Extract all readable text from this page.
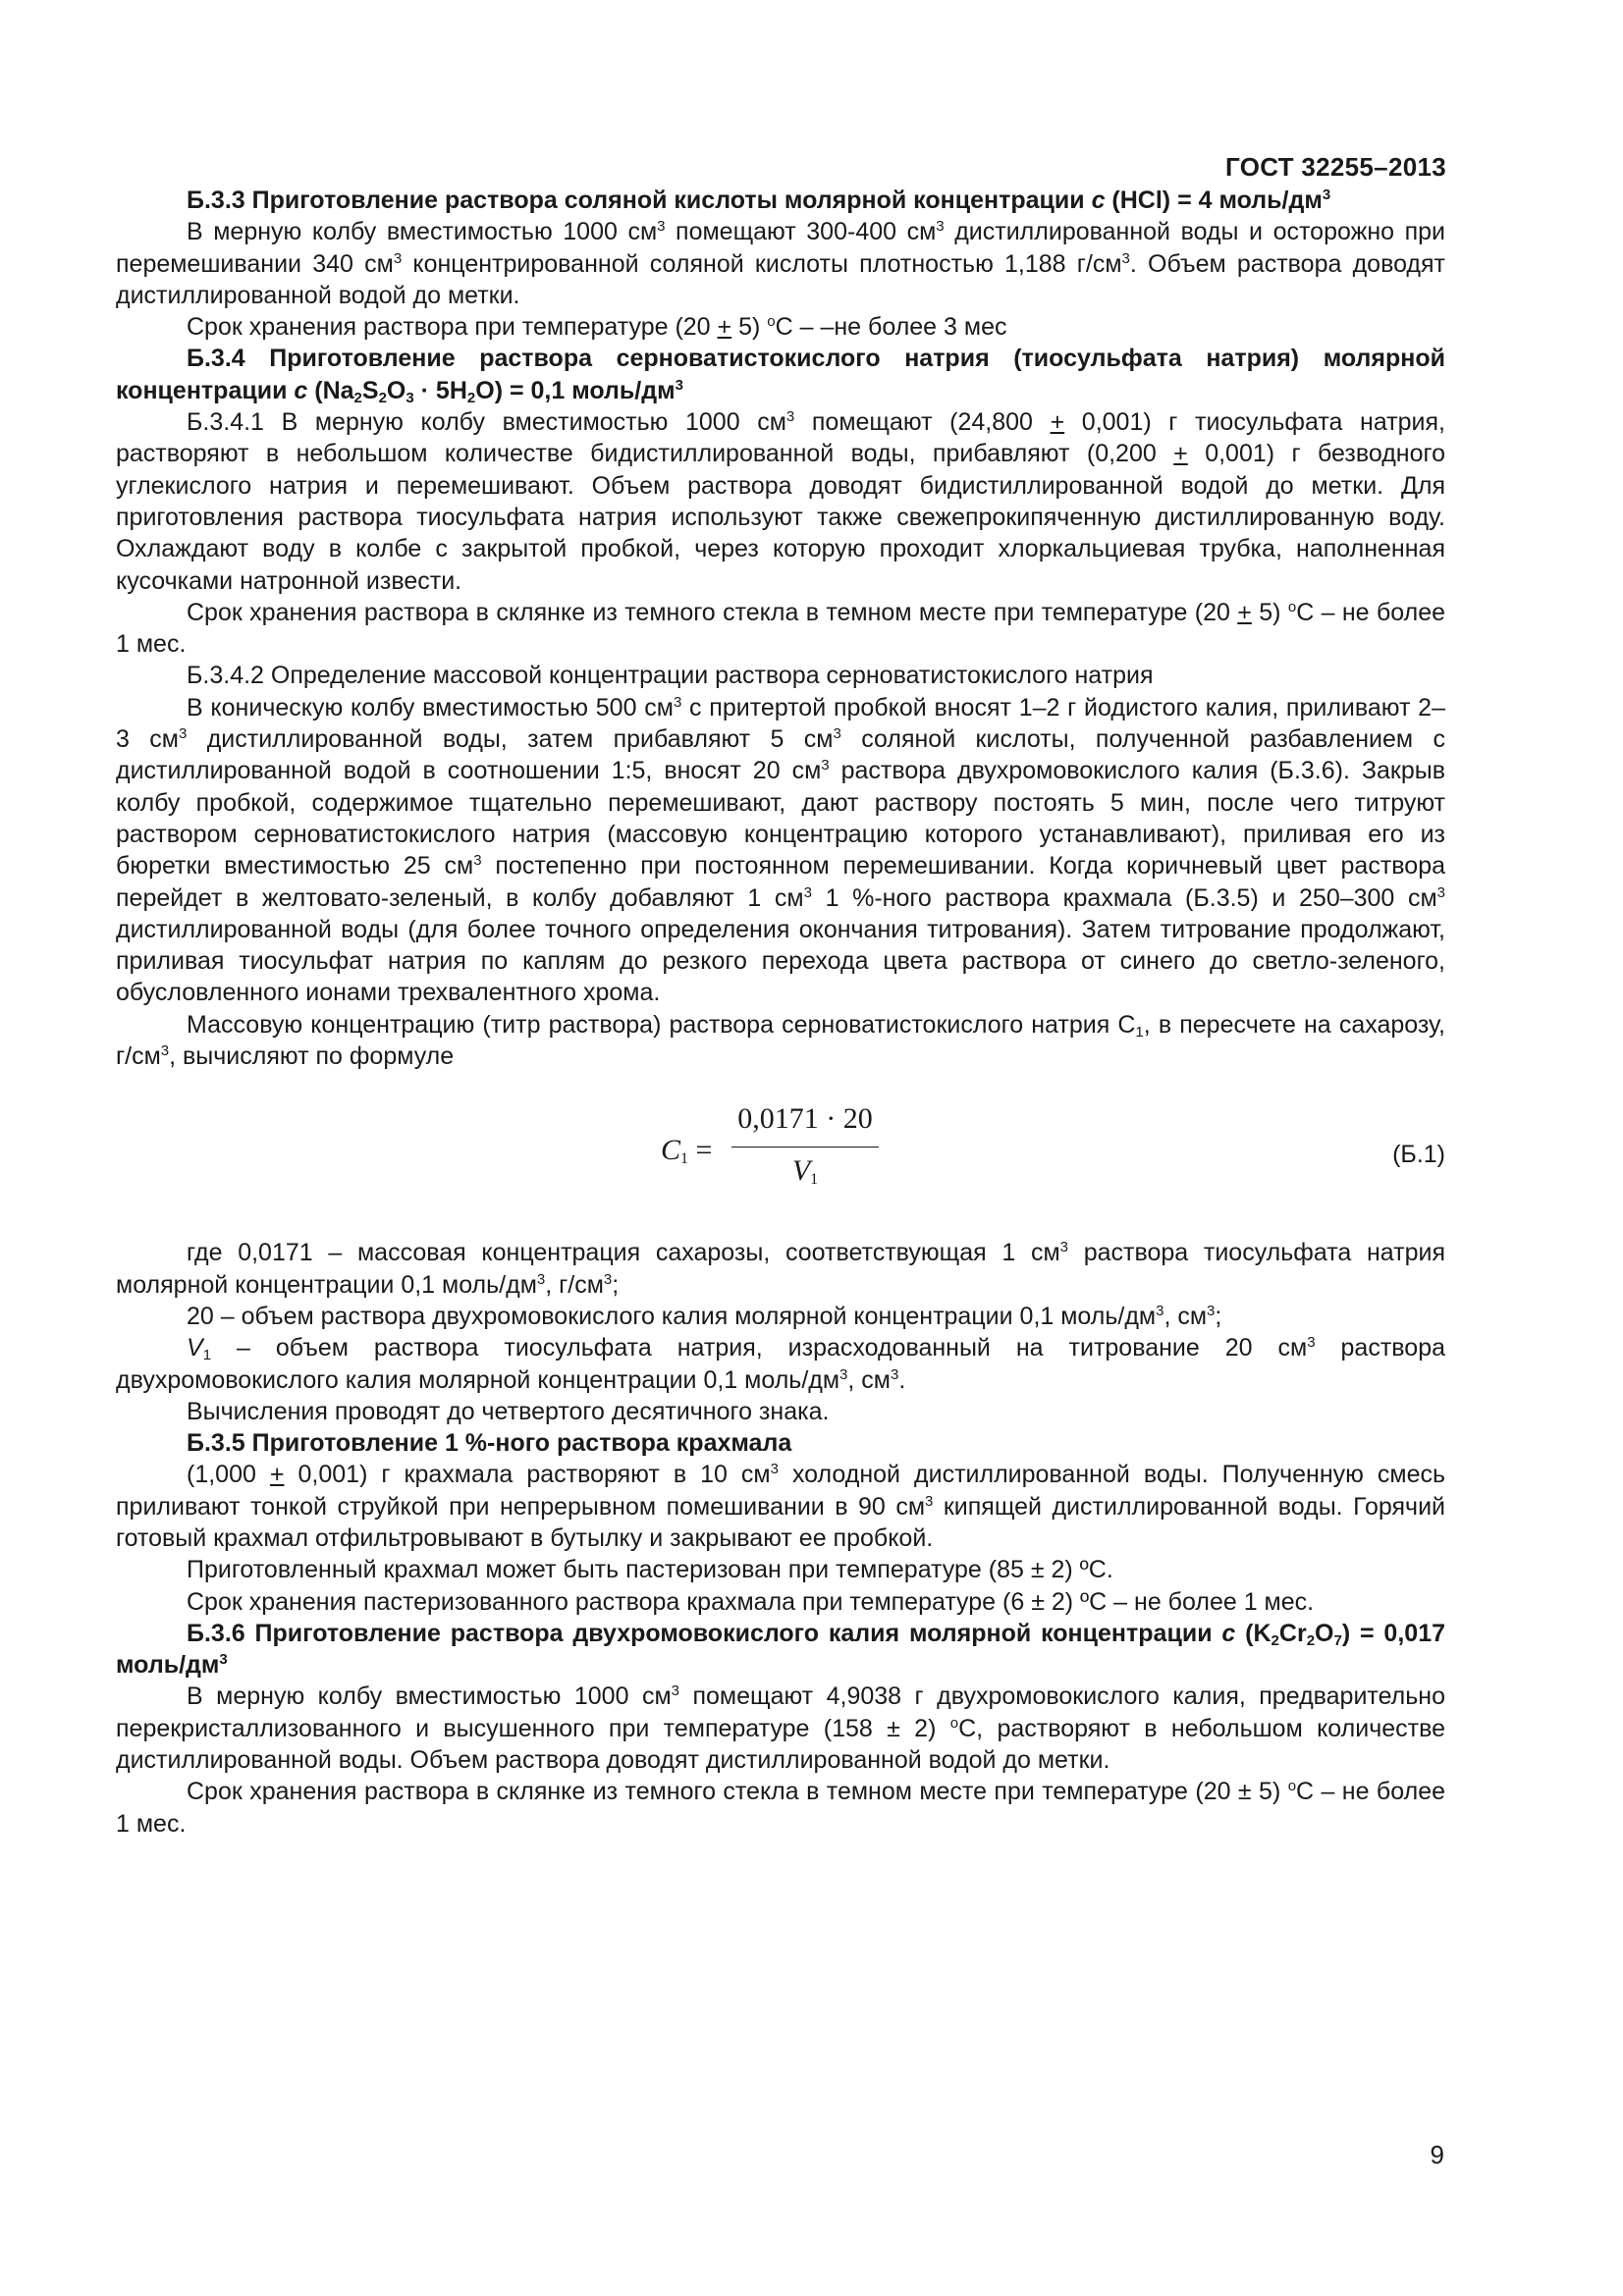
ГОСТ 32255–2013

Б.3.3 Приготовление раствора соляной кислоты молярной концентрации с (HCl) = 4 моль/$дм^3$

В мерную колбу вместимостью 1000 $см^3$ помещают 300-400 $см^3$ дистиллированной воды и осторожно при перемешивании 340 $см^3$ концентрированной соляной кислоты плотностью 1,188 $г/см^3$. Объем раствора доводят дистиллированной водой до метки.

Срок хранения раствора при температуре (20 + 5) $^о$С – –не более 3 мес

Б.3.4 Приготовление раствора серноватистокислого натрия (тиосульфата натрия) молярной концентрации с $(Na_2S_2O_3 \cdot 5H_2O) = 0,1$ моль/$дм^3$

Б.3.4.1 В мерную колбу вместимостью 1000 $см^3$ помещают (24,800 + 0,001) г тиосульфата натрия, растворяют в небольшом количестве бидистиллированной воды, прибавляют (0,200 + 0,001) г безводного углекислого натрия и перемешивают. Объем раствора доводят бидистиллированной водой до метки. Для приготовления раствора тиосульфата натрия используют также свежепрокипяченную дистиллированную воду. Охлаждают воду в колбе с закрытой пробкой, через которую проходит хлоркальциевая трубка, наполненная кусочками натронной извести.

Срок хранения раствора в склянке из темного стекла в темном месте при температуре (20 + 5) $^о$С – не более 1 мес.

Б.3.4.2 Определение массовой концентрации раствора серноватистокислого натрия

В коническую колбу вместимостью 500 $см^3$ с притертой пробкой вносят 1–2 г йодистого калия, приливают 2–3 $см^3$ дистиллированной воды, затем прибавляют 5 $см^3$ соляной кислоты, полученной разбавлением с дистиллированной водой в соотношении 1:5, вносят 20 $см^3$ раствора двухромовокислого калия (Б.3.6). Закрыв колбу пробкой, содержимое тщательно перемешивают, дают раствору постоять 5 мин, после чего титруют раствором серноватистокислого натрия (массовую концентрацию которого устанавливают), приливая его из бюретки вместимостью 25 $см^3$ постепенно при постоянном перемешивании. Когда коричневый цвет раствора перейдет в желтовато-зеленый, в колбу добавляют 1 $см^3$ 1 %-ного раствора крахмала (Б.3.5) и 250–300 $см^3$ дистиллированной воды (для более точного определения окончания титрования). Затем титрование продолжают, приливая тиосульфат натрия по каплям до резкого перехода цвета раствора от синего до светло-зеленого, обусловленного ионами трехвалентного хрома.

Массовую концентрацию (титр раствора) раствора серноватистокислого натрия $С_1$, в пересчете на сахарозу, $г/см^3$, вычисляют по формуле

$C_1$ =
0,0171 · 20
$V_1$
(Б.1)

где 0,0171 – массовая концентрация сахарозы, соответствующая 1 $см^3$ раствора тиосульфата натрия молярной концентрации 0,1 моль/$дм^3$, $г/см^3$;

20 – объем раствора двухромовокислого калия молярной концентрации 0,1 моль/$дм^3$, $см^3$;

$V_1$ – объем раствора тиосульфата натрия, израсходованный на титрование 20 $см^3$ раствора двухромовокислого калия молярной концентрации 0,1 моль/$дм^3$, $см^3$.

Вычисления проводят до четвертого десятичного знака.

Б.3.5 Приготовление 1 %-ного раствора крахмала

(1,000 + 0,001) г крахмала растворяют в 10 $см^3$ холодной дистиллированной воды. Полученную смесь приливают тонкой струйкой при непрерывном помешивании в 90 $см^3$ кипящей дистиллированной воды. Горячий готовый крахмал отфильтровывают в бутылку и закрывают ее пробкой.

Приготовленный крахмал может быть пастеризован при температуре (85 ± 2) ºС.

Срок хранения пастеризованного раствора крахмала при температуре (6 ± 2) ºС – не более 1 мес.

Б.3.6 Приготовление раствора двухромовокислого калия молярной концентрации с $(K_2Cr_2O_7) = 0,017$ моль/$дм^3$

В мерную колбу вместимостью 1000 $см^3$ помещают 4,9038 г двухромовокислого калия, предварительно перекристаллизованного и высушенного при температуре (158 ± 2) $^о$С, растворяют в небольшом количестве дистиллированной воды. Объем раствора доводят дистиллированной водой до метки.

Срок хранения раствора в склянке из темного стекла в темном месте при температуре (20 ± 5) $^о$С – не более 1 мес.

9
